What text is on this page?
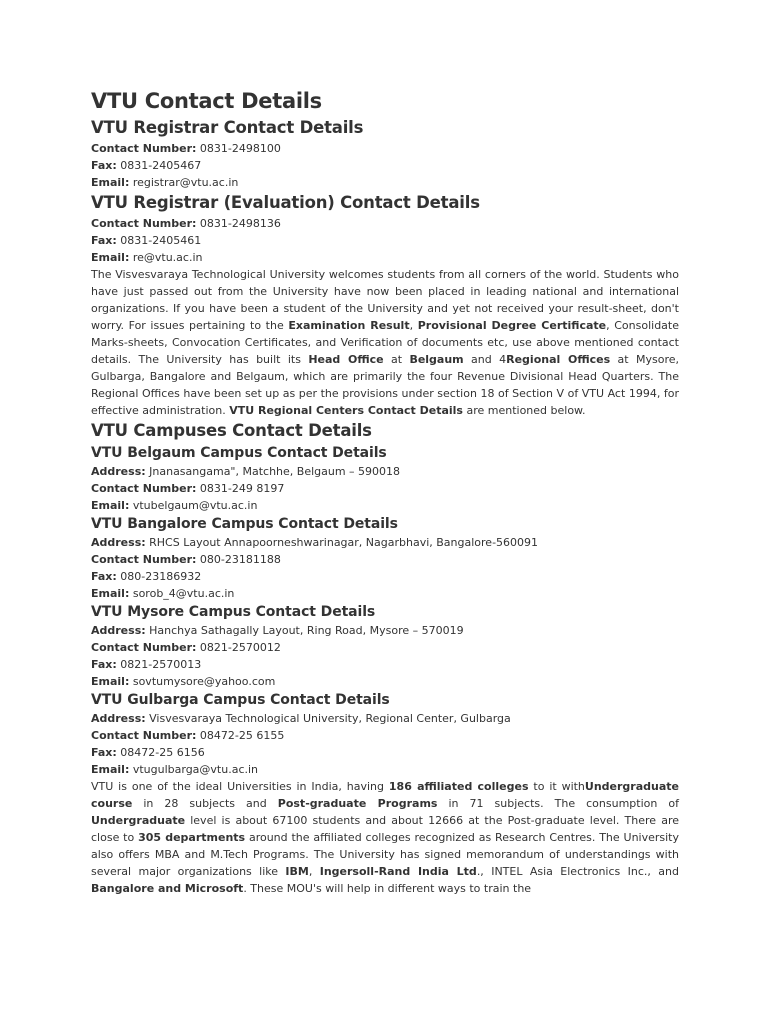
VTU Contact Details
VTU Registrar Contact Details

Contact Number: 0831-2498100

Fax: 0831-2405467

Email: registrar@vtu.ac.in

VTU Registrar (Evaluation) Contact Details

Contact Number: 0831-2498136

Fax: 0831-2405461

Email: re@vtu.ac.in

The Visvesvaraya Technological University welcomes students from all corners of the world. Students who have just passed out from the University have now been placed in leading national and international organizations. If you have been a student of the University and yet not received your result-sheet, don't worry. For issues pertaining to the Examination Result, Provisional Degree Certificate, Consolidate Marks-sheets, Convocation Certificates, and Verification of documents etc, use above mentioned contact details. The University has built its Head Office at Belgaum and 4Regional Offices at Mysore, Gulbarga, Bangalore and Belgaum, which are primarily the four Revenue Divisional Head Quarters. The Regional Offices have been set up as per the provisions under section 18 of Section V of VTU Act 1994, for effective administration. VTU Regional Centers Contact Details are mentioned below.

VTU Campuses Contact Details
VTU Belgaum Campus Contact Details

Address: Jnanasangama", Matchhe, Belgaum – 590018

Contact Number: 0831-249 8197

Email: vtubelgaum@vtu.ac.in

VTU Bangalore Campus Contact Details

Address: RHCS Layout Annapoorneshwarinagar, Nagarbhavi, Bangalore-560091

Contact Number: 080-23181188

Fax: 080-23186932

Email: sorob_4@vtu.ac.in

VTU Mysore Campus Contact Details

Address: Hanchya Sathagally Layout, Ring Road, Mysore – 570019

Contact Number: 0821-2570012

Fax: 0821-2570013

Email: sovtumysore@yahoo.com

VTU Gulbarga Campus Contact Details

Address: Visvesvaraya Technological University, Regional Center, Gulbarga

Contact Number: 08472-25 6155

Fax: 08472-25 6156

Email: vtugulbarga@vtu.ac.in

VTU is one of the ideal Universities in India, having 186 affiliated colleges to it withUndergraduate course in 28 subjects and Post-graduate Programs in 71 subjects. The consumption of Undergraduate level is about 67100 students and about 12666 at the Post-graduate level. There are close to 305 departments around the affiliated colleges recognized as Research Centres. The University also offers MBA and M.Tech Programs. The University has signed memorandum of understandings with several major organizations like IBM, Ingersoll-Rand India Ltd., INTEL Asia Electronics Inc., and Bangalore and Microsoft. These MOU's will help in different ways to train the
